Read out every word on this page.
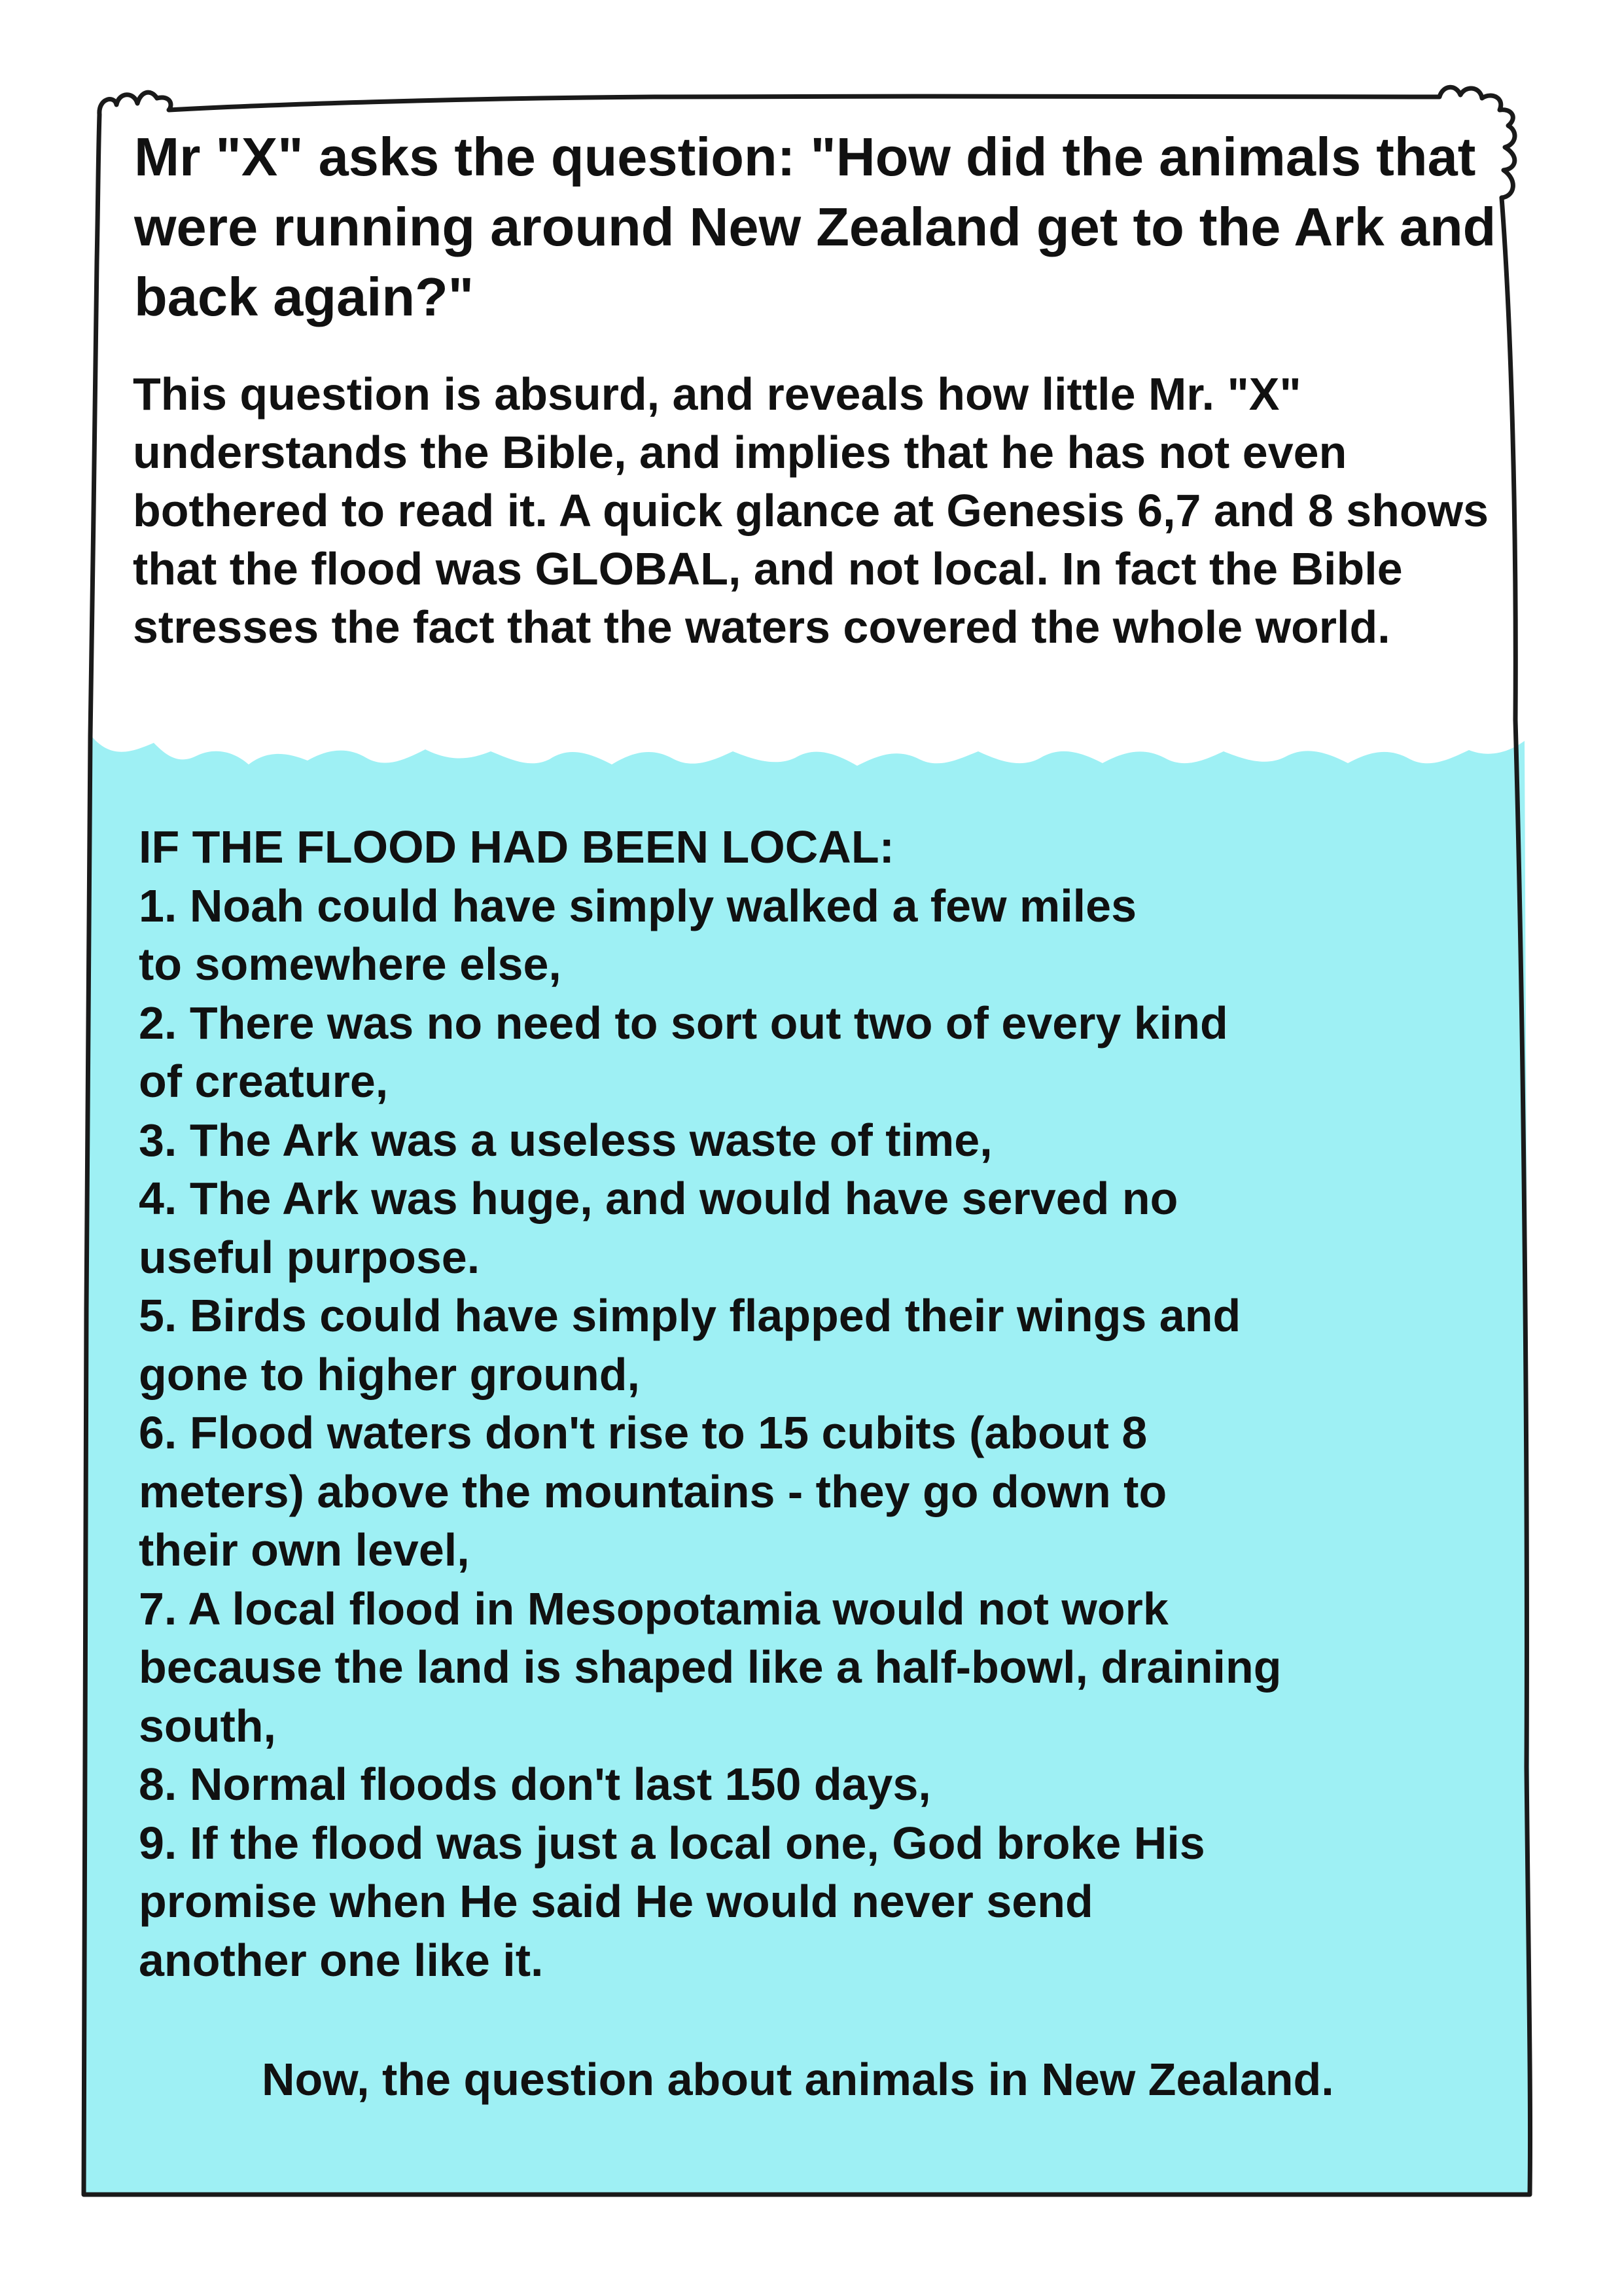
Mr "X" asks the question: "How did the animals that were running around New Zealand get to the Ark and back again?"
This question is absurd, and reveals how little Mr. "X" understands the Bible, and implies that he has not even bothered to read it. A quick glance at Genesis 6,7 and 8 shows that the flood was GLOBAL, and not local. In fact the Bible stresses the fact that the waters covered the whole world.
IF THE FLOOD HAD BEEN LOCAL:
1. Noah could have simply walked a few miles
to somewhere else,
2. There was no need to sort out two of every kind
of creature,
3. The Ark was a useless waste of time,
4. The Ark was huge, and would have served no
useful purpose.
5. Birds could have simply flapped their wings and
gone to higher ground,
6. Flood waters don't rise to 15 cubits (about 8
meters) above the mountains - they go down to
their own level,
7. A local flood in Mesopotamia would not work
because the land is shaped like a half-bowl, draining
south,
8. Normal floods don't last 150 days,
9. If the flood was just a local one, God broke His
promise when He said He would never send
another one like it.
Now, the question about animals in New Zealand.
